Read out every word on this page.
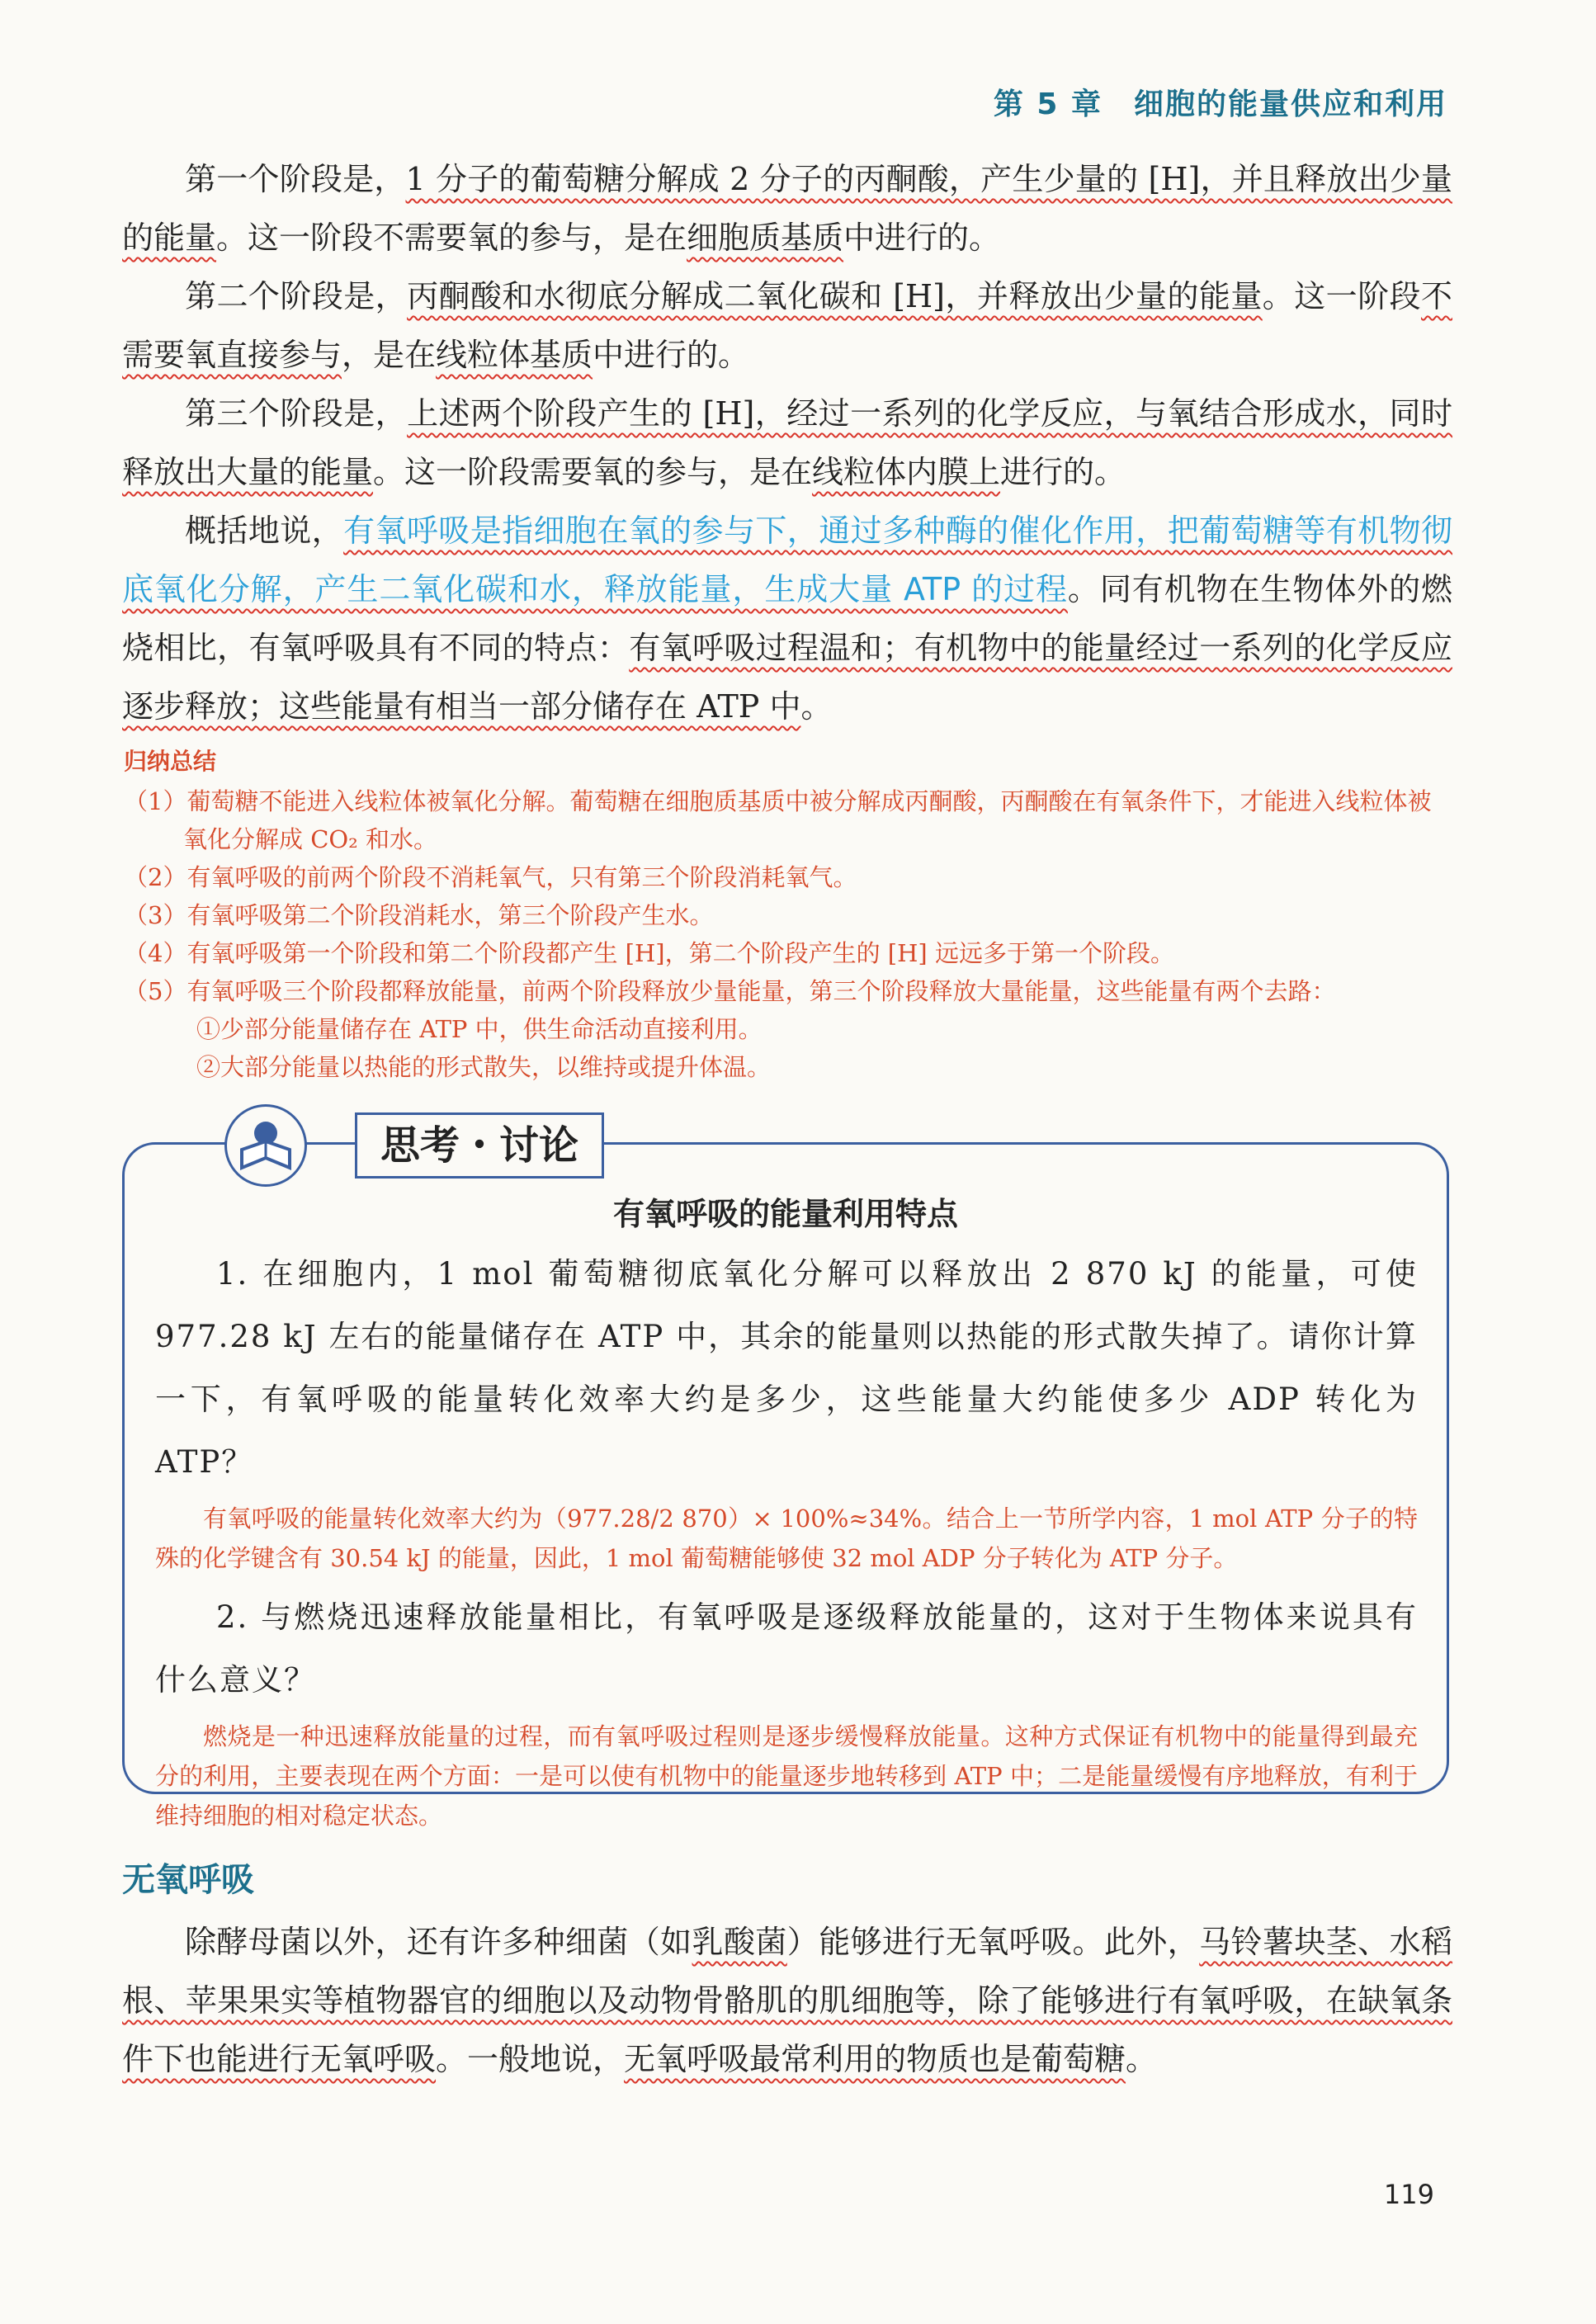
第 5 章　细胞的能量供应和利用

第一个阶段是，1 分子的葡萄糖分解成 2 分子的丙酮酸，产生少量的 [H]，并且释放出少量的能量。这一阶段不需要氧的参与，是在细胞质基质中进行的。

第二个阶段是，丙酮酸和水彻底分解成二氧化碳和 [H]，并释放出少量的能量。这一阶段不需要氧直接参与，是在线粒体基质中进行的。

第三个阶段是，上述两个阶段产生的 [H]，经过一系列的化学反应，与氧结合形成水，同时释放出大量的能量。这一阶段需要氧的参与，是在线粒体内膜上进行的。

概括地说，有氧呼吸是指细胞在氧的参与下，通过多种酶的催化作用，把葡萄糖等有机物彻底氧化分解，产生二氧化碳和水，释放能量，生成大量 ATP 的过程。同有机物在生物体外的燃烧相比，有氧呼吸具有不同的特点：有氧呼吸过程温和；有机物中的能量经过一系列的化学反应逐步释放；这些能量有相当一部分储存在 ATP 中。

归纳总结
（1）葡萄糖不能进入线粒体被氧化分解。葡萄糖在细胞质基质中被分解成丙酮酸，丙酮酸在有氧条件下，才能进入线粒体被氧化分解成 CO₂ 和水。
（2）有氧呼吸的前两个阶段不消耗氧气，只有第三个阶段消耗氧气。
（3）有氧呼吸第二个阶段消耗水，第三个阶段产生水。
（4）有氧呼吸第一个阶段和第二个阶段都产生 [H]，第二个阶段产生的 [H] 远远多于第一个阶段。
（5）有氧呼吸三个阶段都释放能量，前两个阶段释放少量能量，第三个阶段释放大量能量，这些能量有两个去路：
①少部分能量储存在 ATP 中，供生命活动直接利用。
②大部分能量以热能的形式散失，以维持或提升体温。
思考・讨论
有氧呼吸的能量利用特点

1. 在细胞内，1 mol 葡萄糖彻底氧化分解可以释放出 2 870 kJ 的能量，可使 977.28 kJ 左右的能量储存在 ATP 中，其余的能量则以热能的形式散失掉了。请你计算一下，有氧呼吸的能量转化效率大约是多少，这些能量大约能使多少 ADP 转化为 ATP？

有氧呼吸的能量转化效率大约为（977.28/2 870）× 100%≈34%。结合上一节所学内容，1 mol ATP 分子的特殊的化学键含有 30.54 kJ 的能量，因此，1 mol 葡萄糖能够使 32 mol ADP 分子转化为 ATP 分子。

2. 与燃烧迅速释放能量相比，有氧呼吸是逐级释放能量的，这对于生物体来说具有什么意义？

燃烧是一种迅速释放能量的过程，而有氧呼吸过程则是逐步缓慢释放能量。这种方式保证有机物中的能量得到最充分的利用，主要表现在两个方面：一是可以使有机物中的能量逐步地转移到 ATP 中；二是能量缓慢有序地释放，有利于维持细胞的相对稳定状态。

无氧呼吸

除酵母菌以外，还有许多种细菌（如乳酸菌）能够进行无氧呼吸。此外，马铃薯块茎、水稻根、苹果果实等植物器官的细胞以及动物骨骼肌的肌细胞等，除了能够进行有氧呼吸，在缺氧条件下也能进行无氧呼吸。一般地说，无氧呼吸最常利用的物质也是葡萄糖。

119
